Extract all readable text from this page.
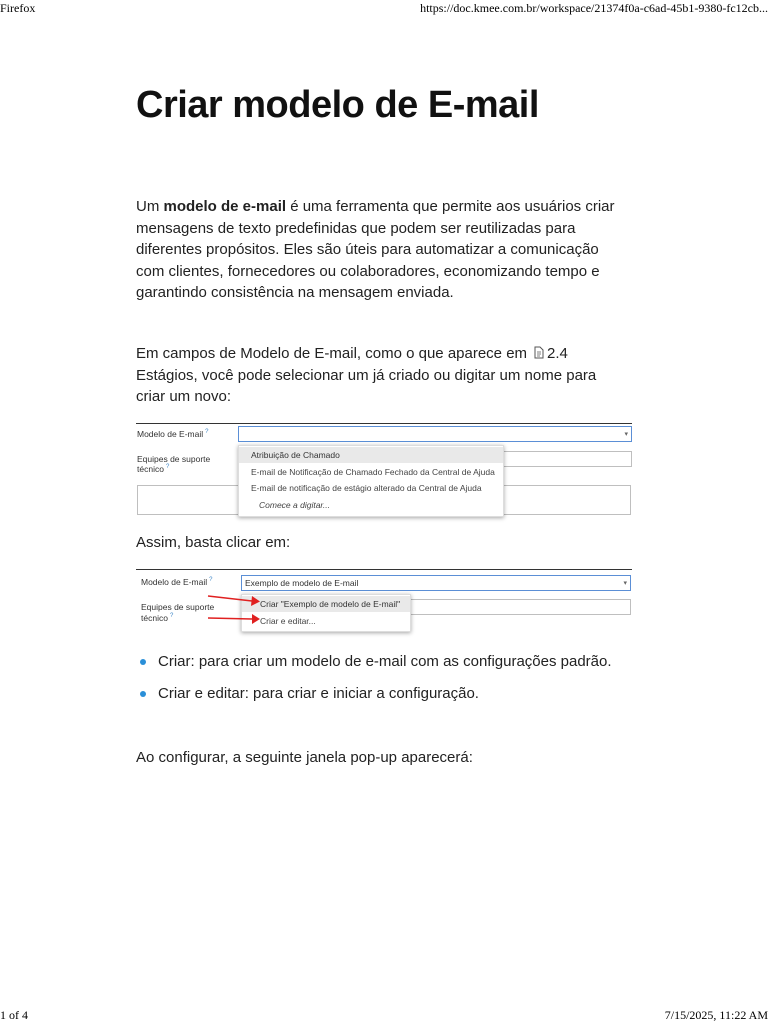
Firefox	https://doc.kmee.com.br/workspace/21374f0a-c6ad-45b1-9380-fc12cb...
Criar modelo de E-mail

Um modelo de e-mail é uma ferramenta que permite aos usuários criar mensagens de texto predefinidas que podem ser reutilizadas para diferentes propósitos. Eles são úteis para automatizar a comunicação com clientes, fornecedores ou colaboradores, economizando tempo e garantindo consistência na mensagem enviada.

Em campos de Modelo de E-mail, como o que aparece em 2.4 Estágios, você pode selecionar um já criado ou digitar um nome para criar um novo:

Assim, basta clicar em:

Ao configurar, a seguinte janela pop-up aparecerá:

Modelo de E-mail ?	▾
Equipes de suporte
técnico ?
Atribuição de Chamado
E-mail de Notificação de Chamado Fechado da Central de Ajuda
E-mail de notificação de estágio alterado da Central de Ajuda
Comece a digitar...
Modelo de E-mail ?	Exemplo de modelo de E-mail	▾
Equipes de suporte
técnico ?
Criar "Exemplo de modelo de E-mail"
Criar e editar...
Criar: para criar um modelo de e-mail com as configurações padrão.
Criar e editar: para criar e iniciar a configuração.
1 of 4	7/15/2025, 11:22 AM
